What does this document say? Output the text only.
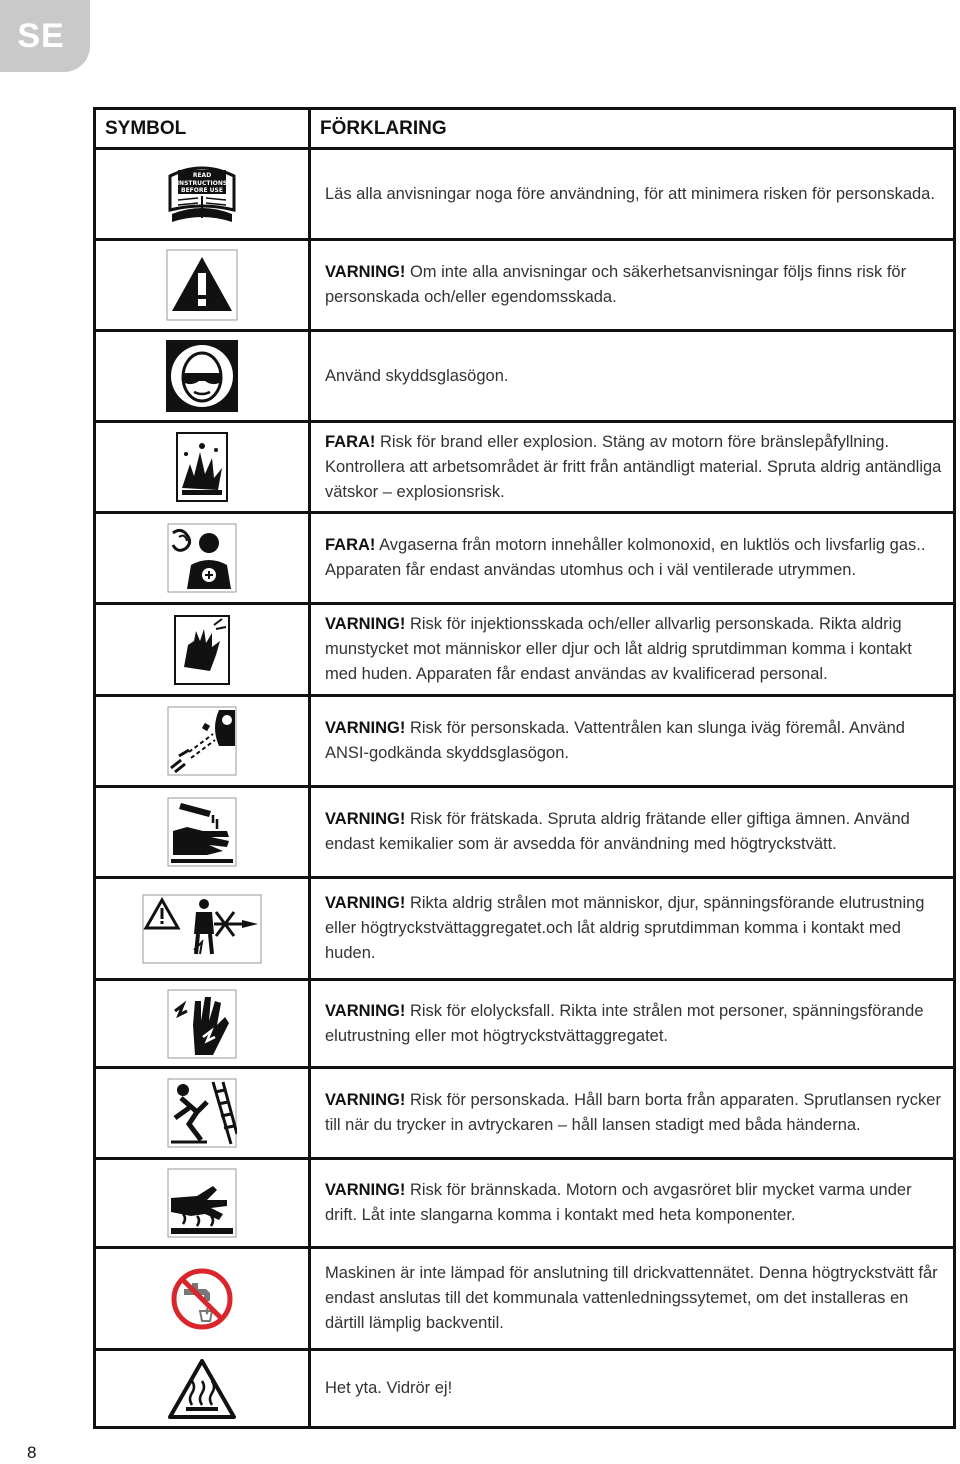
SE
SYMBOL	FÖRKLARING

READ
INSTRUCTIONS
BEFORE USE	Läs alla anvisningar noga före användning, för att minimera risken för personskada.

	VARNING! Om inte alla anvisningar och säkerhetsanvisningar följs finns risk för personskada och/eller egendomsskada.

	Använd skyddsglasögon.

	FARA! Risk för brand eller explosion. Stäng av motorn före bränslepåfyllning. Kontrollera att arbetsområdet är fritt från antändligt material. Spruta aldrig antändliga vätskor – explosionsrisk.

	FARA! Avgaserna från motorn innehåller kolmonoxid, en luktlös och livsfarlig gas.. Apparaten får endast användas utomhus och i väl ventilerade utrymmen.

	VARNING! Risk för injektionsskada och/eller allvarlig personskada. Rikta aldrig munstycket mot människor eller djur och låt aldrig sprutdimman komma i kontakt med huden. Apparaten får endast användas av kvalificerad personal.

	VARNING! Risk för personskada. Vattentrålen kan slunga iväg föremål. Använd ANSI-godkända skyddsglasögon.

	VARNING! Risk för frätskada. Spruta aldrig frätande eller giftiga ämnen. Använd endast kemikalier som är avsedda för användning med högtryckstvätt.

	VARNING! Rikta aldrig strålen mot människor, djur, spänningsförande elutrustning eller högtryckstvättaggregatet.och låt aldrig sprutdimman komma i kontakt med huden.

	VARNING! Risk för elolycksfall. Rikta inte strålen mot personer, spänningsförande elutrustning eller mot högtryckstvättaggregatet.

	VARNING! Risk för personskada. Håll barn borta från apparaten. Sprutlansen rycker till när du trycker in avtryckaren – håll lansen stadigt med båda händerna.

	VARNING! Risk för brännskada. Motorn och avgasröret blir mycket varma under drift. Låt inte slangarna komma i kontakt med heta komponenter.

	Maskinen är inte lämpad för anslutning till drickvattennätet. Denna högtryckstvätt får endast anslutas till det kommunala vattenledningssytemet, om det installeras en därtill lämplig backventil.

	Het yta. Vidrör ej!
8
